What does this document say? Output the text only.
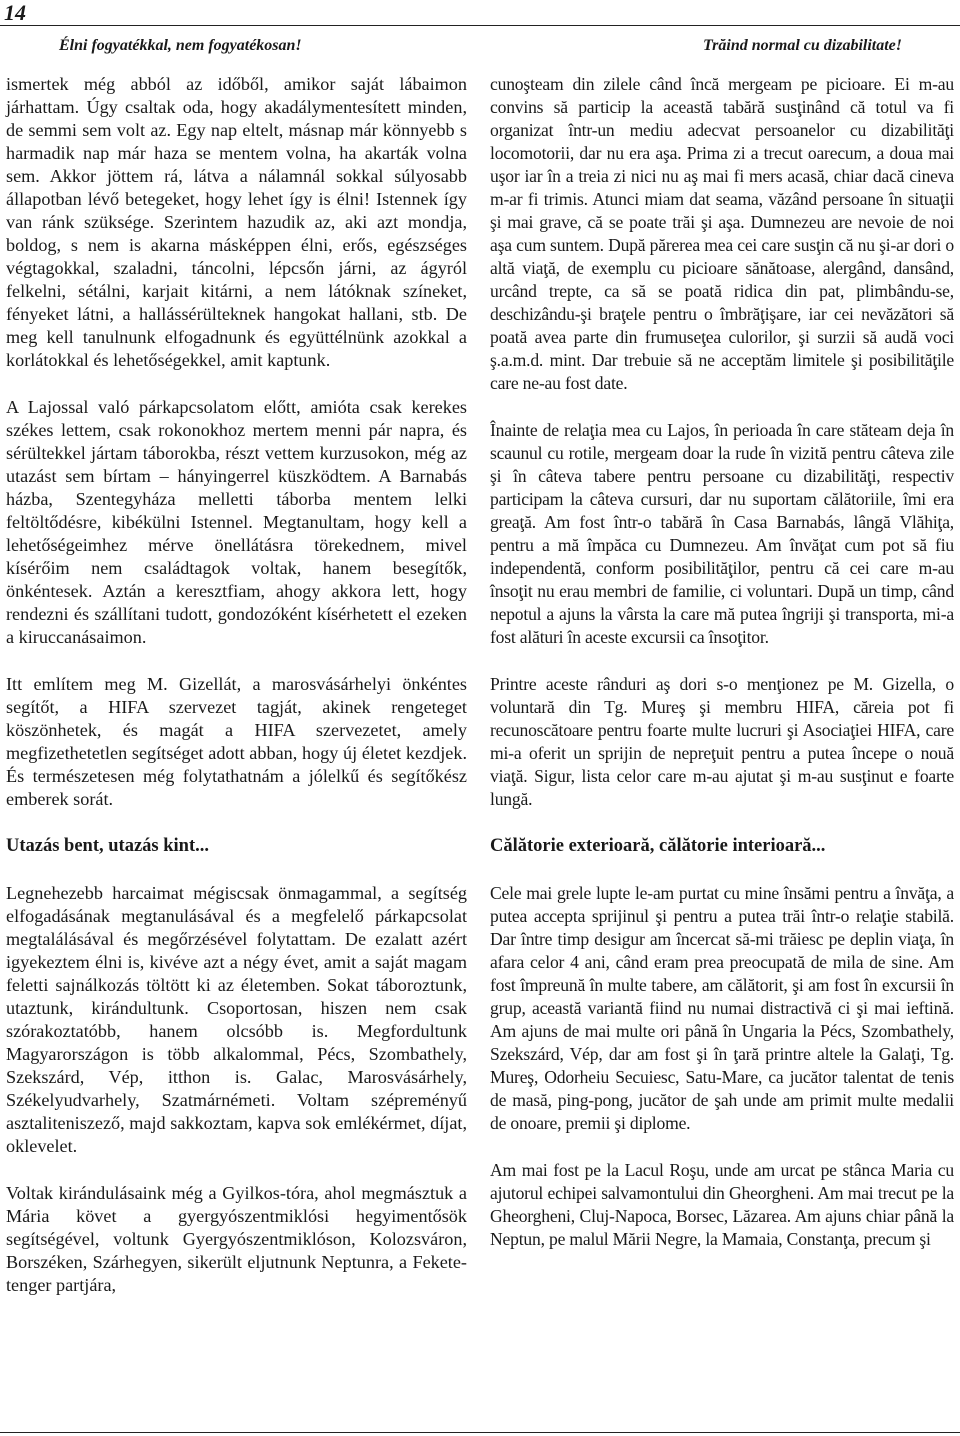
14
Élni fogyatékkal, nem fogyatékosan!	Trăind normal cu dizabilitate!

ismertek még abból az időből, amikor saját lábaimon járhattam. Úgy csaltak oda, hogy akadálymentesített minden, de semmi sem volt az. Egy nap eltelt, másnap már könnyebb s harmadik nap már haza se mentem volna, ha akarták volna sem. Akkor jöttem rá, látva a nálamnál sokkal súlyosabb állapotban lévő betegeket, hogy lehet így is élni! Istennek így van ránk szüksége. Szerintem hazudik az, aki azt mondja, boldog, s nem is akarna másképpen élni, erős, egészséges végtagokkal, szaladni, táncolni, lépcsőn járni, az ágyról felkelni, sétálni, karjait kitárni, a nem látóknak színeket, fényeket látni, a hallássérülteknek hangokat hallani, stb. De meg kell tanulnunk elfogadnunk és együttélnünk azokkal a korlátokkal és lehetőségekkel, amit kaptunk.

A Lajossal való párkapcsolatom előtt, amióta csak kerekes székes lettem, csak rokonokhoz mertem menni pár napra, és sérültekkel jártam táborokba, részt vettem kurzusokon, még az utazást sem bírtam – hányingerrel küszködtem. A Barnabás házba, Szentegyháza melletti táborba mentem lelki feltöltődésre, kibékülni Istennel. Megtanultam, hogy kell a lehetőségeimhez mérve önellátásra törekednem, mivel kísérőim nem családtagok voltak, hanem besegítők, önkéntesek. Aztán a keresztfiam, ahogy akkora lett, hogy rendezni és szállítani tudott, gondozóként kísérhetett el ezeken a kiruccanásaimon.

Itt említem meg M. Gizellát, a marosvásárhelyi önkéntes segítőt, a HIFA szervezet tagját, akinek rengeteget köszönhetek, és magát a HIFA szervezetet, amely megfizethetetlen segítséget adott abban, hogy új életet kezdjek. És természetesen még folytathatnám a jólelkű és segítőkész emberek sorát.

Utazás bent, utazás kint...

Legnehezebb harcaimat mégiscsak önmagammal, a segítség elfogadásának megtanulásával és a megfelelő párkapcsolat megtalálásával és megőrzésével folytattam. De ezalatt azért igyekeztem élni is, kivéve azt a négy évet, amit a saját magam feletti sajnálkozás töltött ki az életemben. Sokat táboroztunk, utaztunk, kirándultunk. Csoportosan, hiszen nem csak szórakoztatóbb, hanem olcsóbb is. Megfordultunk Magyarországon is több alkalommal, Pécs, Szombathely, Szekszárd, Vép, itthon is. Galac, Marosvásárhely, Székelyudvarhely, Szatmárnémeti. Voltam szépreményű asztaliteniszező, majd sakkoztam, kapva sok emlékérmet, díjat, oklevelet.

Voltak kirándulásaink még a Gyilkos-tóra, ahol megmásztuk a Mária követ a gyergyószentmiklósi hegyimentősök segítségével, voltunk Gyergyószentmiklóson, Kolozsváron, Borszéken, Szárhegyen, sikerült eljutnunk Neptunra, a Fekete-tenger partjára,

cunoşteam din zilele când încă mergeam pe picioare. Ei m-au convins să particip la această tabără susţinând că totul va fi organizat într-un mediu adecvat persoanelor cu dizabilităţi locomotorii, dar nu era aşa. Prima zi a trecut oarecum, a doua mai uşor iar în a treia zi nici nu aş mai fi mers acasă, chiar dacă cineva m-ar fi trimis. Atunci miam dat seama, văzând persoane în situaţii şi mai grave, că se poate trăi şi aşa. Dumnezeu are nevoie de noi aşa cum suntem. După părerea mea cei care susţin că nu şi-ar dori o altă viaţă, de exemplu cu picioare sănătoase, alergând, dansând, urcând trepte, ca să se poată ridica din pat, plimbându-se, deschizându-şi braţele pentru o îmbrăţişare, iar cei nevăzători să poată avea parte din frumuseţea culorilor, şi surzii să audă voci ş.a.m.d. mint. Dar trebuie să ne acceptăm limitele şi posibilităţile care ne-au fost date.

Înainte de relaţia mea cu Lajos, în perioada în care stăteam deja în scaunul cu rotile, mergeam doar la rude în vizită pentru câteva zile şi în câteva tabere pentru persoane cu dizabilităţi, respectiv participam la câteva cursuri, dar nu suportam călătoriile, îmi era greaţă. Am fost într-o tabără în Casa Barnabás, lângă Vlăhiţa, pentru a mă împăca cu Dumnezeu. Am învăţat cum pot să fiu independentă, conform posibilităţilor, pentru că cei care m-au însoţit nu erau membri de familie, ci voluntari. După un timp, când nepotul a ajuns la vârsta la care mă putea îngriji şi transporta, mi-a fost alături în aceste excursii ca însoţitor.

Printre aceste rânduri aş dori s-o menţionez pe M. Gizella, o voluntară din Tg. Mureş şi membru HIFA, căreia pot fi recunoscătoare pentru foarte multe lucruri şi Asociaţiei HIFA, care mi-a oferit un sprijin de nepreţuit pentru a putea începe o nouă viaţă. Sigur, lista celor care m-au ajutat şi m-au susţinut e foarte lungă.

Călătorie exterioară, călătorie interioară...

Cele mai grele lupte le-am purtat cu mine însămi pentru a învăţa, a putea accepta sprijinul şi pentru a putea trăi într-o relaţie stabilă. Dar între timp desigur am încercat să-mi trăiesc pe deplin viaţa, în afara celor 4 ani, când eram prea preocupată de mila de sine. Am fost împreună în multe tabere, am călătorit, şi am fost în excursii în grup, această variantă fiind nu numai distractivă ci şi mai ieftină. Am ajuns de mai multe ori până în Ungaria la Pécs, Szombathely, Szekszárd, Vép, dar am fost şi în ţară printre altele la Galaţi, Tg. Mureş, Odorheiu Secuiesc, Satu-Mare, ca jucător talentat de tenis de masă, ping-pong, jucător de şah unde am primit multe medalii de onoare, premii şi diplome.

Am mai fost pe la Lacul Roşu, unde am urcat pe stânca Maria cu ajutorul echipei salvamontului din Gheorgheni. Am mai trecut pe la Gheorgheni, Cluj-Napoca, Borsec, Lăzarea. Am ajuns chiar până la Neptun, pe malul Mării Negre, la Mamaia, Constanţa, precum şi
